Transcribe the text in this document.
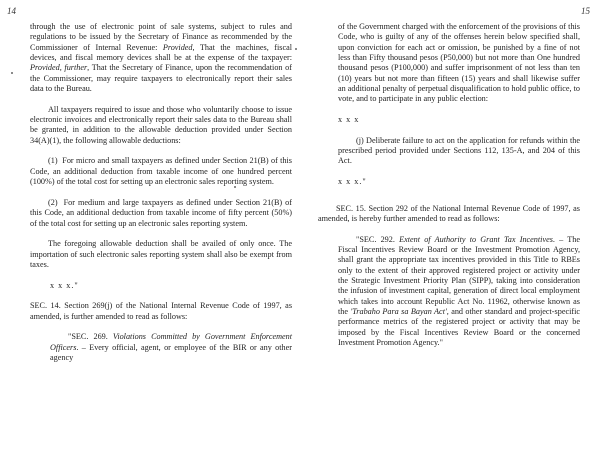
14	15

through the use of electronic point of sale systems, subject to rules and regulations to be issued by the Secretary of Finance as recommended by the Commissioner of Internal Revenue: Provided, That the machines, fiscal devices, and fiscal memory devices shall be at the expense of the taxpayer: Provided, further, That the Secretary of Finance, upon the recommendation of the Commissioner, may require taxpayers to electronically report their sales data to the Bureau.

All taxpayers required to issue and those who voluntarily choose to issue electronic invoices and electronically report their sales data to the Bureau shall be granted, in addition to the allowable deduction provided under Section 34(A)(1), the following allowable deductions:

(1)  For micro and small taxpayers as defined under Section 21(B) of this Code, an additional deduction from taxable income of one hundred percent (100%) of the total cost for setting up an electronic sales reporting system.

(2)  For medium and large taxpayers as defined under Section 21(B) of this Code, an additional deduction from taxable income of fifty percent (50%) of the total cost for setting up an electronic sales reporting system.

The foregoing allowable deduction shall be availed of only once. The importation of such electronic sales reporting system shall also be exempt from taxes.

x x x."

SEC. 14. Section 269(j) of the National Internal Revenue Code of 1997, as amended, is further amended to read as follows:

"SEC. 269. Violations Committed by Government Enforcement Officers. – Every official, agent, or employee of the BIR or any other agency

of the Government charged with the enforcement of the provisions of this Code, who is guilty of any of the offenses herein below specified shall, upon conviction for each act or omission, be punished by a fine of not less than Fifty thousand pesos (P50,000) but not more than One hundred thousand pesos (P100,000) and suffer imprisonment of not less than ten (10) years but not more than fifteen (15) years and shall likewise suffer an additional penalty of perpetual disqualification to hold public office, to vote, and to participate in any public election:

x x x

(j) Deliberate failure to act on the application for refunds within the prescribed period provided under Sections 112, 135-A, and 204 of this Act.

x x x."

SEC. 15. Section 292 of the National Internal Revenue Code of 1997, as amended, is hereby further amended to read as follows:

"SEC. 292. Extent of Authority to Grant Tax Incentives. – The Fiscal Incentives Review Board or the Investment Promotion Agency, shall grant the appropriate tax incentives provided in this Title to RBEs only to the extent of their approved registered project or activity under the Strategic Investment Priority Plan (SIPP), taking into consideration the infusion of investment capital, generation of direct local employment which takes into account Republic Act No. 11962, otherwise known as the 'Trabaho Para sa Bayan Act', and other standard and project-specific performance metrics of the registered project or activity that may be imposed by the Fiscal Incentives Review Board or the concerned Investment Promotion Agency."
